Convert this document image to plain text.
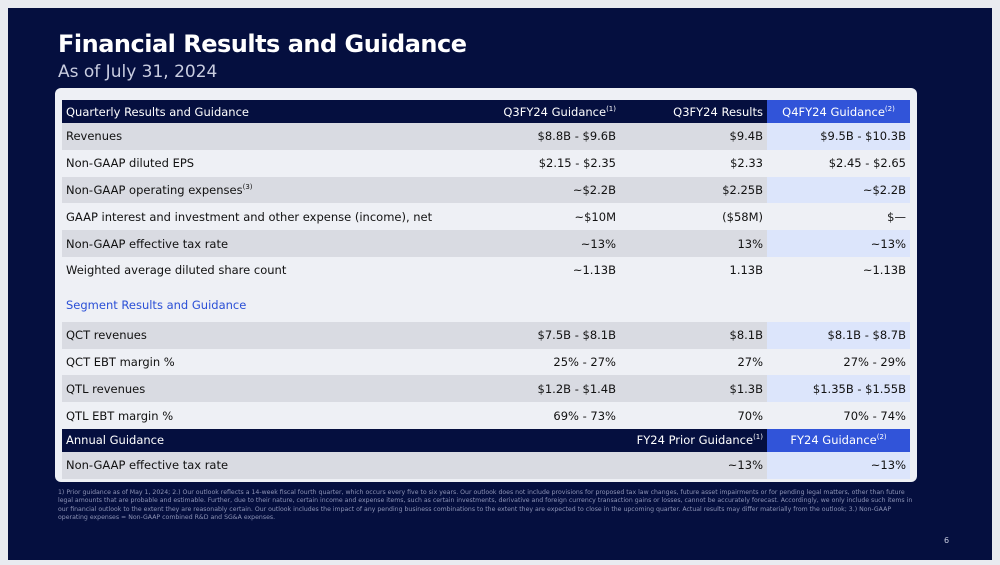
Financial Results and Guidance
As of July 31, 2024
Quarterly Results and Guidance	Q3FY24 Guidance$^{(1)}$	Q3FY24 Results	Q4FY24 Guidance$^{(2)}$
Revenues	$8.8B - $9.6B	$9.4B	$9.5B - $10.3B
Non-GAAP diluted EPS	$2.15 - $2.35	$2.33	$2.45 - $2.65
Non-GAAP operating expenses$^{(3)}$	~$2.2B	$2.25B	~$2.2B
GAAP interest and investment and other expense (income), net	~$10M	($58M)	$—
Non-GAAP effective tax rate	~13%	13%	~13%
Weighted average diluted share count	~1.13B	1.13B	~1.13B
Segment Results and Guidance			
QCT revenues	$7.5B - $8.1B	$8.1B	$8.1B - $8.7B
QCT EBT margin %	25% - 27%	27%	27% - 29%
QTL revenues	$1.2B - $1.4B	$1.3B	$1.35B - $1.55B
QTL EBT margin %	69% - 73%	70%	70% - 74%
Annual Guidance		FY24 Prior Guidance$^{(1)}$	FY24 Guidance$^{(2)}$
Non-GAAP effective tax rate		~13%	~13%
1) Prior guidance as of May 1, 2024; 2.) Our outlook reflects a 14-week fiscal fourth quarter, which occurs every five to six years. Our outlook does not include provisions for proposed tax law changes, future asset impairments or for pending legal matters, other than future legal amounts that are probable and estimable. Further, due to their nature, certain income and expense items, such as certain investments, derivative and foreign currency transaction gains or losses, cannot be accurately forecast. Accordingly, we only include such items in our financial outlook to the extent they are reasonably certain. Our outlook includes the impact of any pending business combinations to the extent they are expected to close in the upcoming quarter. Actual results may differ materially from the outlook; 3.) Non-GAAP operating expenses = Non-GAAP combined R&D and SG&A expenses.
6
